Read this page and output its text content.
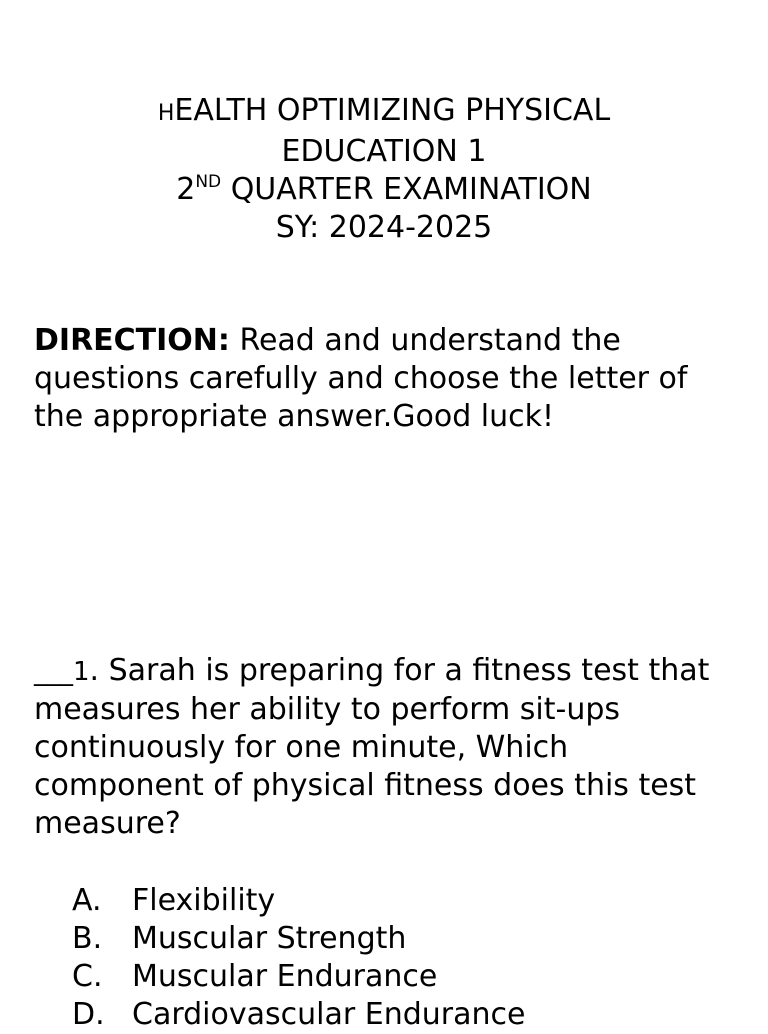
HEALTH OPTIMIZING PHYSICAL
EDUCATION 1
2ND QUARTER EXAMINATION
SY: 2024-2025
DIRECTION: Read and understand the questions carefully and choose the letter of the appropriate answer.Good luck!
___1. Sarah is preparing for a fitness test that measures her ability to perform sit-ups continuously for one minute, Which component of physical fitness does this test measure?
A.	Flexibility
B. Muscular Strength
C. Muscular Endurance
D. Cardiovascular Endurance
